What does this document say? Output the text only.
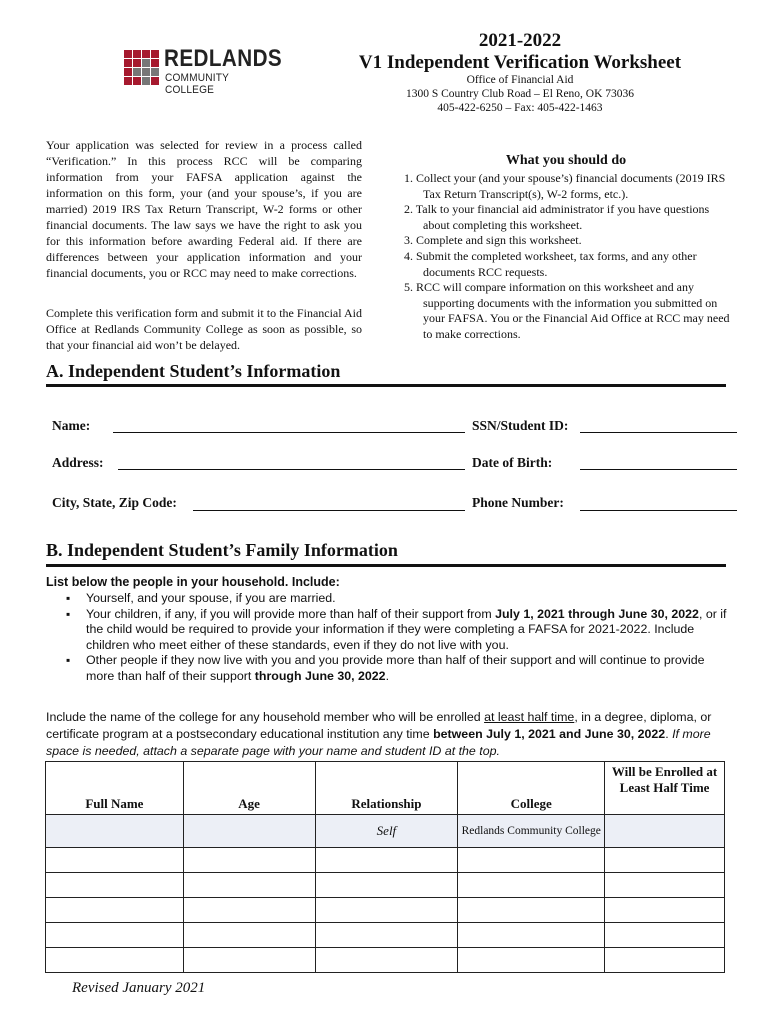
REDLANDS
COMMUNITY COLLEGE
2021-2022
V1 Independent Verification Worksheet
Office of Financial Aid
1300 S Country Club Road – El Reno, OK 73036
405-422-6250 – Fax: 405-422-1463
Your application was selected for review in a process called “Verification.” In this process RCC will be comparing information from your FAFSA application against the information on this form, your (and your spouse’s, if you are married) 2019 IRS Tax Return Transcript, W-2 forms or other financial documents. The law says we have the right to ask you for this information before awarding Federal aid. If there are differences between your application information and your financial documents, you or RCC may need to make corrections.
Complete this verification form and submit it to the Financial Aid Office at Redlands Community College as soon as possible, so that your financial aid won’t be delayed.
What you should do
1. Collect your (and your spouse’s) financial documents (2019 IRS Tax Return Transcript(s), W-2 forms, etc.).
2. Talk to your financial aid administrator if you have questions about completing this worksheet.
3. Complete and sign this worksheet.
4. Submit the completed worksheet, tax forms, and any other documents RCC requests.
5. RCC will compare information on this worksheet and any supporting documents with the information you submitted on your FAFSA. You or the Financial Aid Office at RCC may need to make corrections.
A. Independent Student’s Information
Name:	SSN/Student ID:
Address:	Date of Birth:
City, State, Zip Code:	Phone Number:
B. Independent Student’s Family Information
List below the people in your household. Include:
▪ Yourself, and your spouse, if you are married.
▪ Your children, if any, if you will provide more than half of their support from July 1, 2021 through June 30, 2022, or if the child would be required to provide your information if they were completing a FAFSA for 2021-2022. Include children who meet either of these standards, even if they do not live with you.
▪ Other people if they now live with you and you provide more than half of their support and will continue to provide more than half of their support through June 30, 2022.
Include the name of the college for any household member who will be enrolled at least half time, in a degree, diploma, or certificate program at a postsecondary educational institution any time between July 1, 2021 and June 30, 2022. If more space is needed, attach a separate page with your name and student ID at the top.
Full Name	Age	Relationship	College	Will be Enrolled at Least Half Time
		Self	Redlands Community College	

Revised January 2021
